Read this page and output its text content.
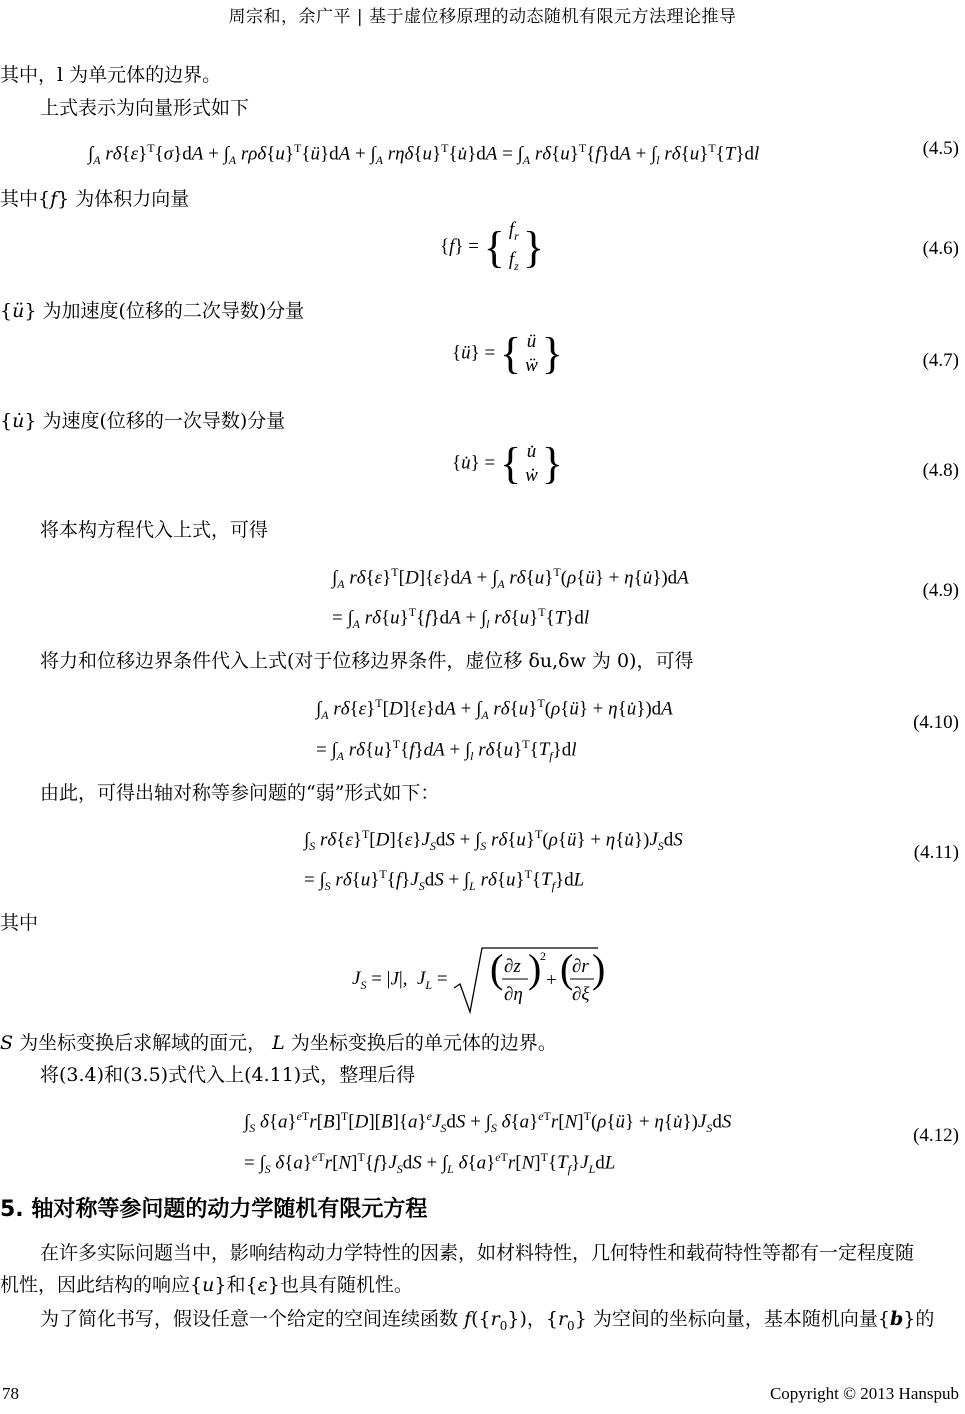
周宗和，余广平 | 基于虚位移原理的动态随机有限元方法理论推导
其中，l 为单元体的边界。
上式表示为向量形式如下
$\int_A$ $r\delta\{\varepsilon\}^T\{\sigma\}dA + \int_A$ $r\rho\delta\{u\}^T\{ü\}dA + \int_A$ $r\eta\delta\{u\}^T\{u̇\}dA = \int_A$ $r\delta\{u\}^T\{f\}dA + \int_l$ $r\delta\{u\}^T\{T\}dl$	(4.5)
其中{f} 为体积力向量
{f} = { $f_r$
$f_z$ }	(4.6)
{ü} 为加速度(位移的二次导数)分量
{ü} = { ü
ẅ }	(4.7)
{u̇} 为速度(位移的一次导数)分量
{u̇} = { u̇
ẇ }	(4.8)
将本构方程代入上式，可得
$\int_A$ $r\delta\{\varepsilon\}^T[D]\{\varepsilon\}dA + \int_A$ $r\delta\{u\}^T(\rho\{ü\}$ + η{u̇})dA
= $\int_A$ $r\delta\{u\}^T\{f\}dA + \int_l$ $r\delta\{u\}^T\{T\}dl$
(4.9)
将力和位移边界条件代入上式(对于位移边界条件，虚位移 δu,δw 为 0)，可得
$\int_A$ $r\delta\{\varepsilon\}^T[D]\{\varepsilon\}dA + \int_A$ $r\delta\{u\}^T(\rho\{ü\}$ + η{u̇})dA
= $\int_A$ $r\delta\{u\}^T\{f\}dA + \int_l$ $r\delta\{u\}^T\{T_f\}dl$
(4.10)
由此，可得出轴对称等参问题的“弱”形式如下：
$\int_S$ $r\delta\{\varepsilon\}^T[D]\{\varepsilon\}J_SdS + \int_S$ $r\delta\{u\}^T(\rho\{ü\}$ + $\eta\{u̇\})J_SdS$
= $\int_S$ $r\delta\{u\}^T\{f\}J_SdS + \int_L$ $r\delta\{u\}^T\{T_f\}dL$
(4.11)
其中
$J_S = |J|$,  $J_L$ = ( ∂z
∂η
)
2
+ (
∂r
∂ξ
)
S 为坐标变换后求解域的面元， L 为坐标变换后的单元体的边界。
将(3.4)和(3.5)式代入上(4.11)式，整理后得
$\int_S$ $\delta\{a\}^{eT}r[B]^T[D][B]\{a\}^eJ_SdS + \int_S$ $\delta\{a\}^{eT}r[N]^T(\rho\{ü\}$ + $\eta\{u̇\})J_SdS$
= $\int_S$ $\delta\{a\}^{eT}r[N]^T\{f\}J_SdS + \int_L$ $\delta\{a\}^{eT}r[N]^T\{T_f\}J_LdL$
(4.12)
5. 轴对称等参问题的动力学随机有限元方程
在许多实际问题当中，影响结构动力学特性的因素，如材料特性，几何特性和载荷特性等都有一定程度随
机性，因此结构的响应{u}和{ε}也具有随机性。
为了简化书写，假设任意一个给定的空间连续函数 $f(\{r_0\})$，$\{r_0\}$ 为空间的坐标向量，基本随机向量{b}的
78	Copyright © 2013 Hanspub
